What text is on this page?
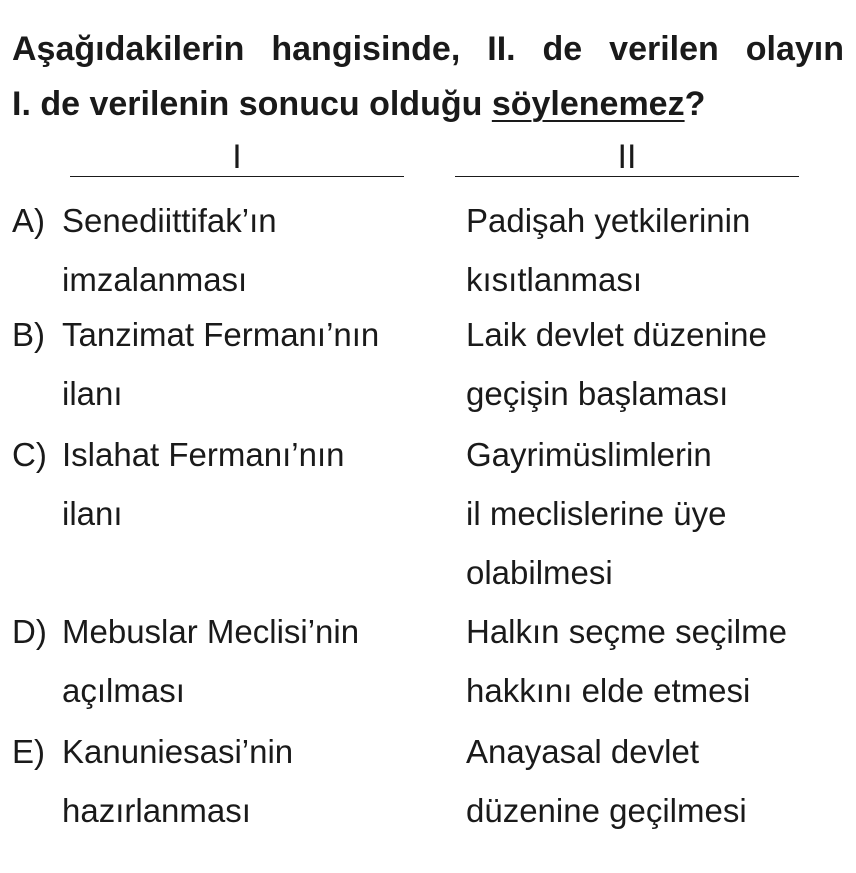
Aşağıdakilerin hangisinde, II. de verilen olayın
I. de verilenin sonucu olduğu söylenemez?
I	II
A) Senediittifak’ın
imzalanması
Padişah yetkilerinin
kısıtlanması
B) Tanzimat Fermanı’nın
ilanı
Laik devlet düzenine
geçişin başlaması
C) Islahat Fermanı’nın
ilanı
Gayrimüslimlerin
il meclislerine üye
olabilmesi
D) Mebuslar Meclisi’nin
açılması
Halkın seçme seçilme
hakkını elde etmesi
E) Kanuniesasi’nin
hazırlanması
Anayasal devlet
düzenine geçilmesi
